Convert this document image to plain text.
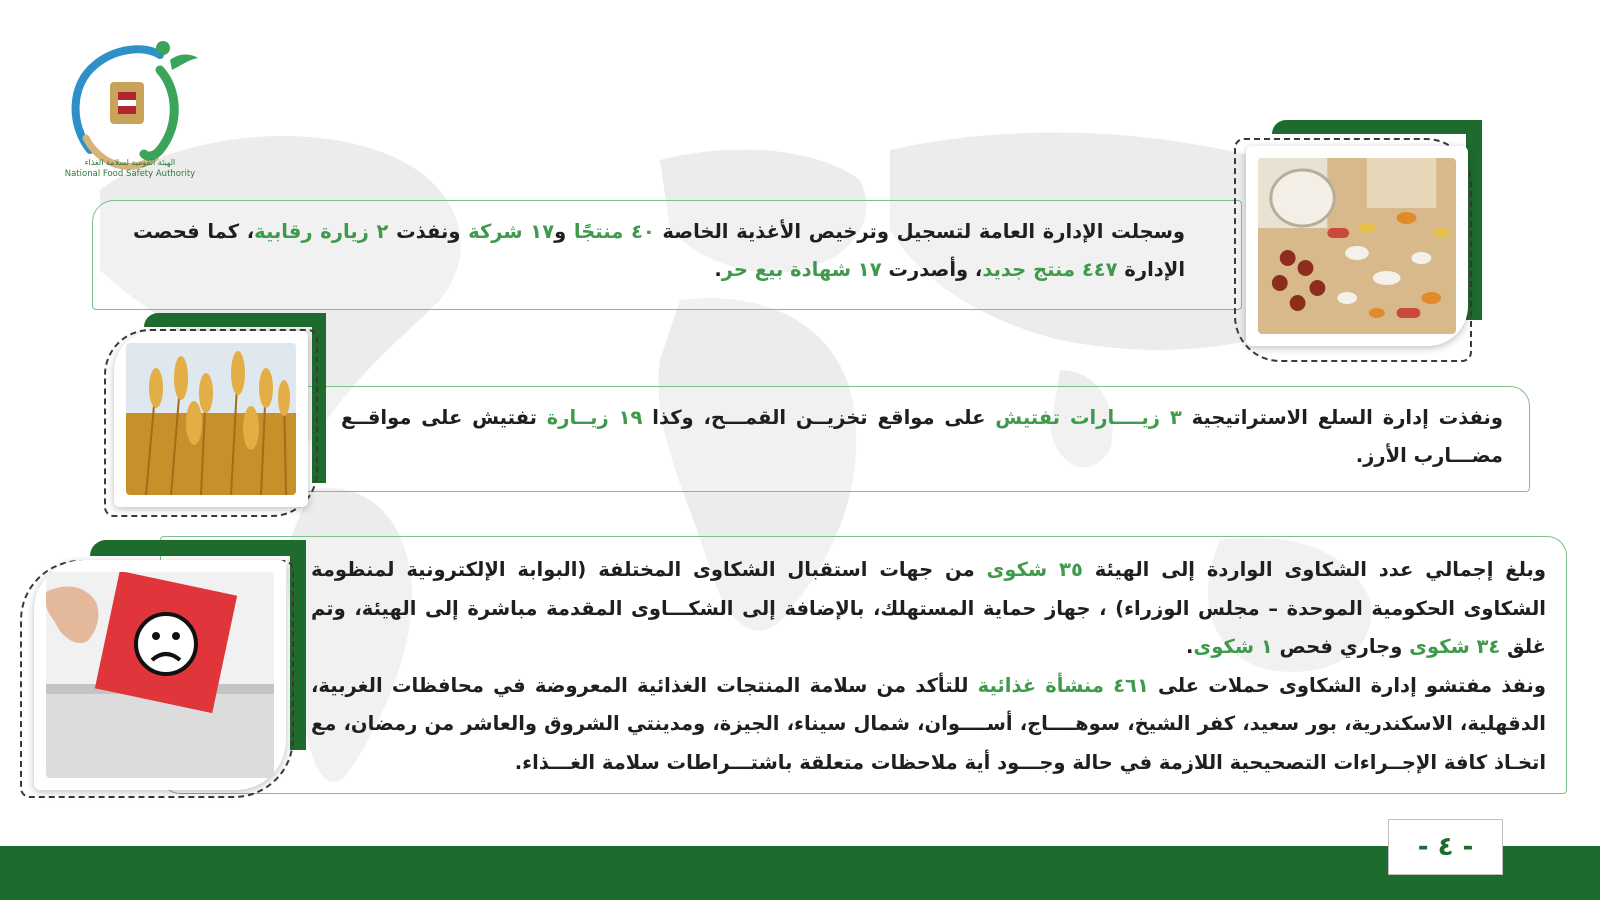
NFSA
الهيئة القومية لسلامة الغذاء
National Food Safety Authority

وسجلت الإدارة العامة لتسجيل وترخيص الأغذية الخاصة ٤٠ منتجًا و١٧ شركة ونفذت ٢ زيارة رقابية، كما فحصت الإدارة ٤٤٧ منتج جديد، وأصدرت ١٧ شهادة بيع حر.

ونفذت إدارة السلع الاستراتيجية ٣ زيــــارات تفتيش على مواقع تخزيــن القمـــح، وكذا ١٩ زيــارة تفتيش على مواقــع مضـــارب الأرز.

وبلغ إجمالي عدد الشكاوى الواردة إلى الهيئة ٣٥ شكوى من جهات استقبال الشكاوى المختلفة (البوابة الإلكترونية لمنظومة الشكاوى الحكومية الموحدة – مجلس الوزراء) ، جهاز حماية المستهلك، بالإضافة إلى الشكـــاوى المقدمة مباشرة إلى الهيئة، وتم غلق ٣٤ شكوى وجاري فحص ١ شكوى.

ونفذ مفتشو إدارة الشكاوى حملات على ٤٦١ منشأة غذائية للتأكد من سلامة المنتجات الغذائية المعروضة في محافظات الغربية، الدقهلية، الاسكندرية، بور سعيد، كفر الشيخ، سوهــــاج، أســــوان، شمال سيناء، الجيزة، ومدينتي الشروق والعاشر من رمضان، مع اتخـاذ كافة الإجــراءات التصحيحية اللازمة في حالة وجـــود أية ملاحظات متعلقة باشتـــراطات سلامة الغـــذاء.

- ٤ -
